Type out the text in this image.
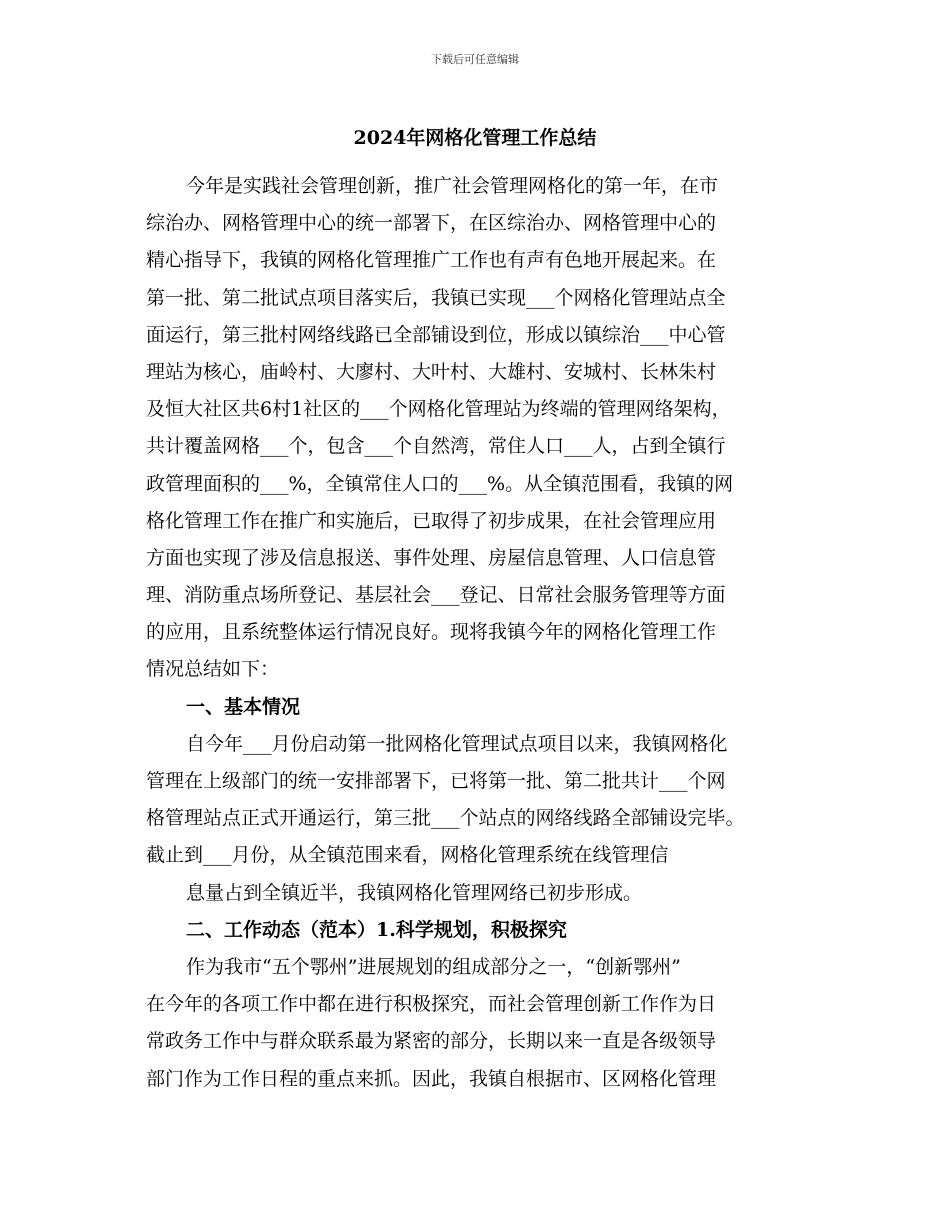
下载后可任意编辑
2024年网格化管理工作总结
今年是实践社会管理创新，推广社会管理网格化的第一年，在市
综治办、网格管理中心的统一部署下，在区综治办、网格管理中心的
精心指导下，我镇的网格化管理推广工作也有声有色地开展起来。在
第一批、第二批试点项目落实后，我镇已实现___个网格化管理站点全
面运行，第三批村网络线路已全部铺设到位，形成以镇综治___中心管
理站为核心，庙岭村、大廖村、大叶村、大雄村、安城村、长林朱村
及恒大社区共6村1社区的___个网格化管理站为终端的管理网络架构，
共计覆盖网格___个，包含___个自然湾，常住人口___人，占到全镇行
政管理面积的___%，全镇常住人口的___%。从全镇范围看，我镇的网
格化管理工作在推广和实施后，已取得了初步成果，在社会管理应用
方面也实现了涉及信息报送、事件处理、房屋信息管理、人口信息管
理、消防重点场所登记、基层社会___登记、日常社会服务管理等方面
的应用，且系统整体运行情况良好。现将我镇今年的网格化管理工作
情况总结如下：
一、基本情况
自今年___月份启动第一批网格化管理试点项目以来，我镇网格化
管理在上级部门的统一安排部署下，已将第一批、第二批共计___个网
格管理站点正式开通运行，第三批___个站点的网络线路全部铺设完毕。
截止到___月份，从全镇范围来看，网格化管理系统在线管理信
息量占到全镇近半，我镇网格化管理网络已初步形成。
二、工作动态（范本）1.科学规划，积极探究
作为我市“五个鄂州”进展规划的组成部分之一，“创新鄂州”
在今年的各项工作中都在进行积极探究，而社会管理创新工作作为日
常政务工作中与群众联系最为紧密的部分，长期以来一直是各级领导
部门作为工作日程的重点来抓。因此，我镇自根据市、区网格化管理
